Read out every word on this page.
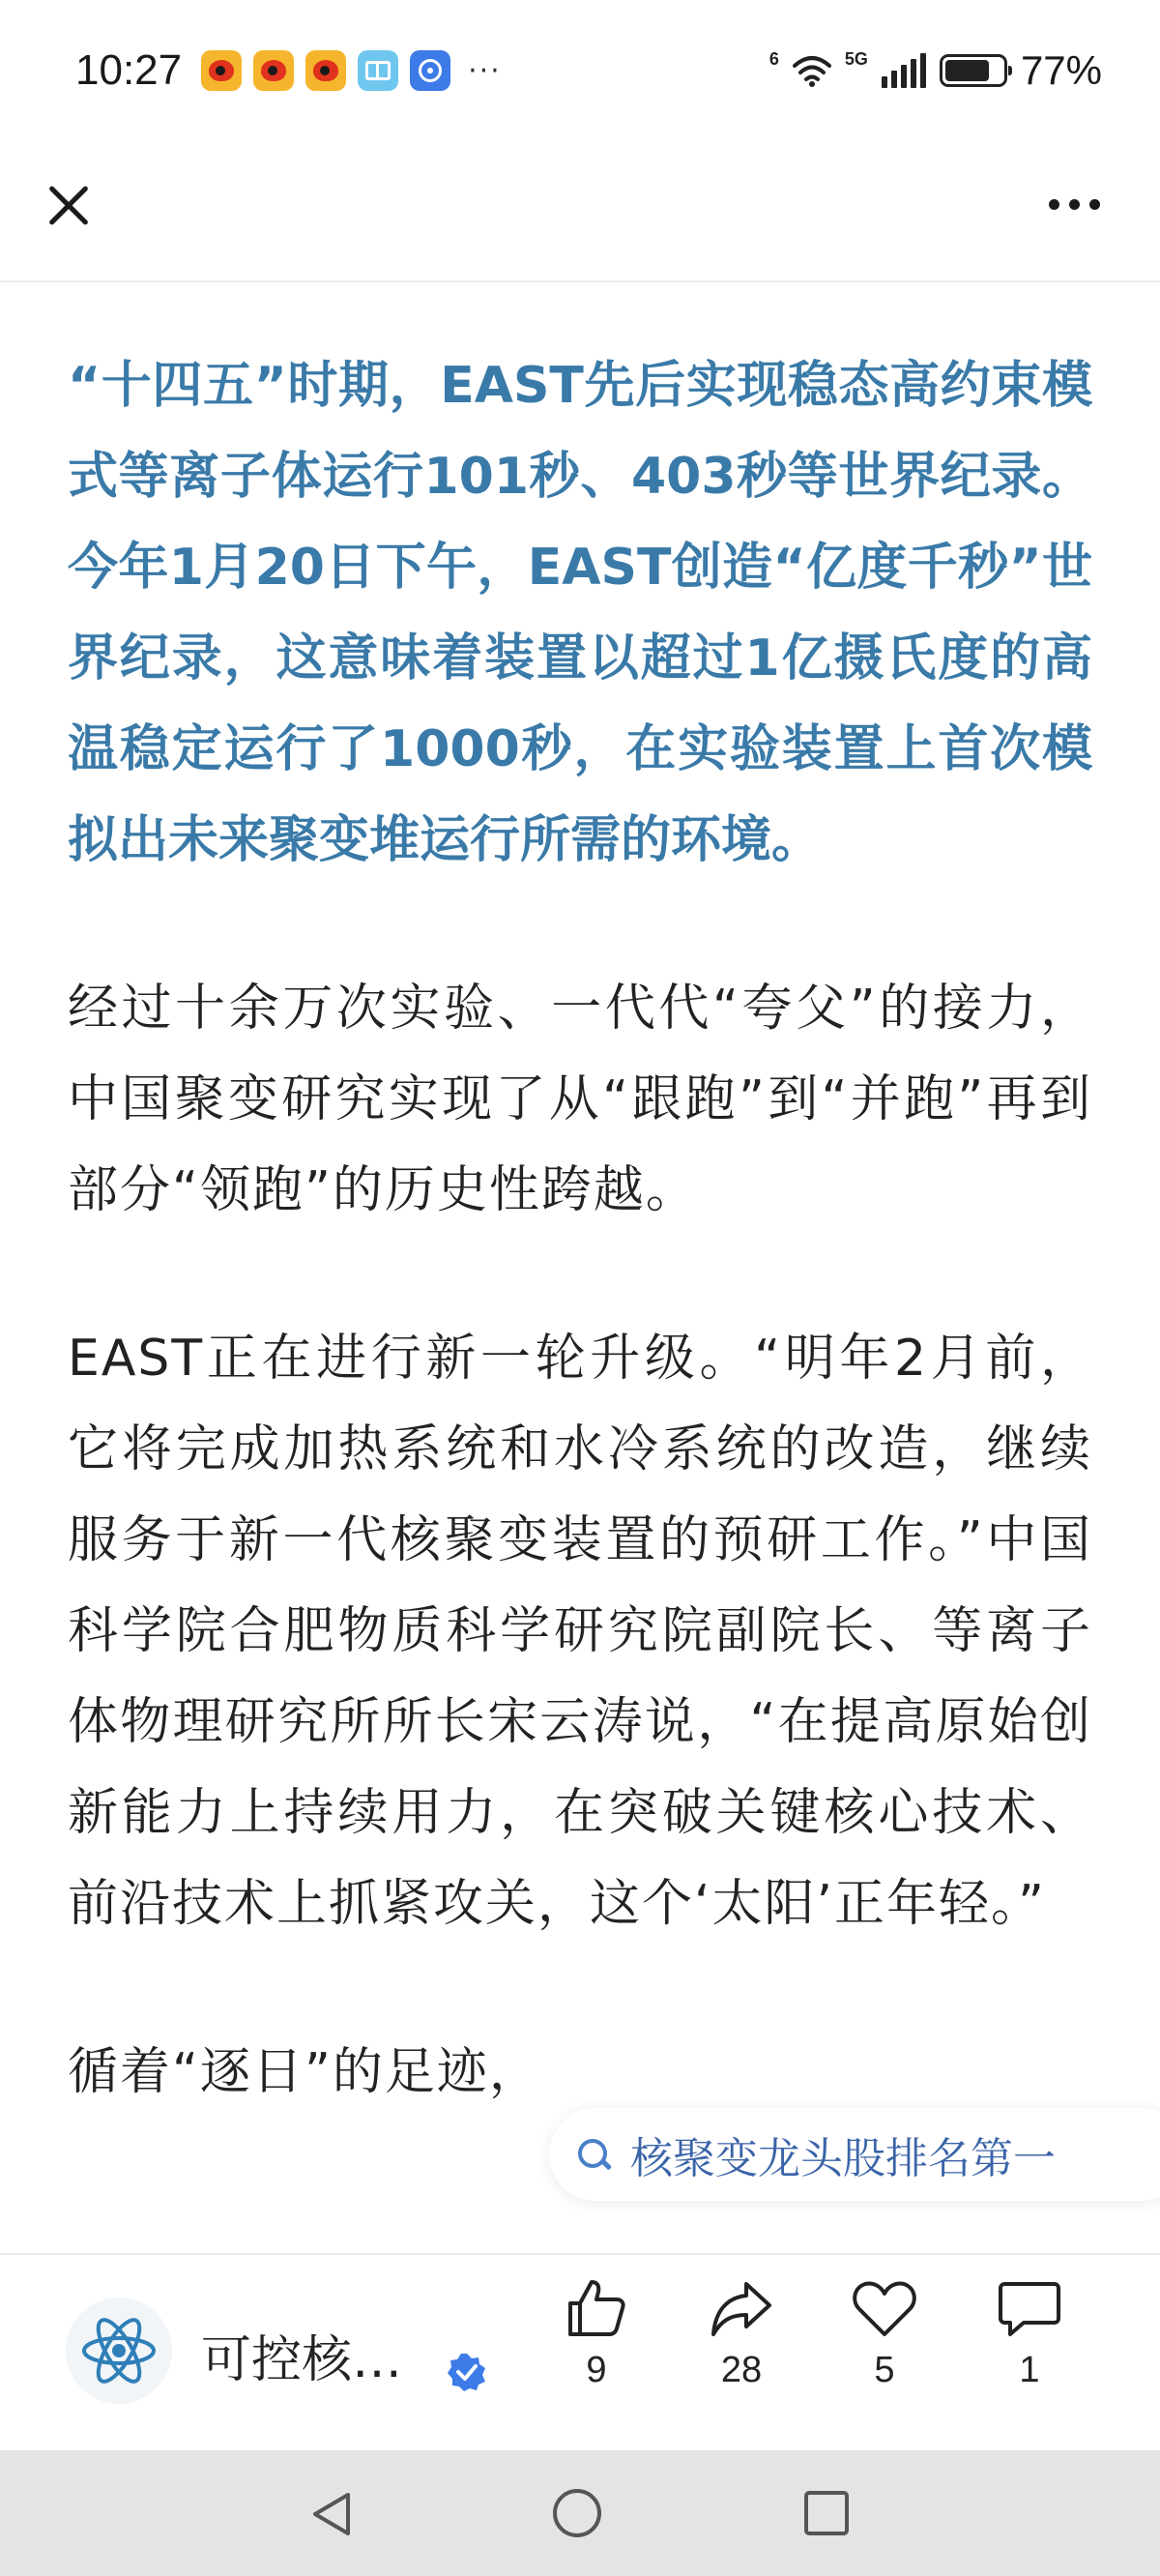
10:27	···	6	5G	77%

“十四五”时期，EAST先后实现稳态高约束模式等离子体运行101秒、403秒等世界纪录。今年1月20日下午，EAST创造“亿度千秒”世界纪录，这意味着装置以超过1亿摄氏度的高温稳定运行了1000秒，在实验装置上首次模拟出未来聚变堆运行所需的环境。

经过十余万次实验、一代代“夸父”的接力，中国聚变研究实现了从“跟跑”到“并跑”再到部分“领跑”的历史性跨越。

EAST正在进行新一轮升级。“明年2月前，它将完成加热系统和水冷系统的改造，继续服务于新一代核聚变装置的预研工作。”中国科学院合肥物质科学研究院副院长、等离子体物理研究所所长宋云涛说，“在提高原始创新能力上持续用力，在突破关键核心技术、前沿技术上抓紧攻关，这个‘太阳’正年轻。”

循着“逐日”的足迹，

核聚变龙头股排名第一
可控核…	9	28	5	1
